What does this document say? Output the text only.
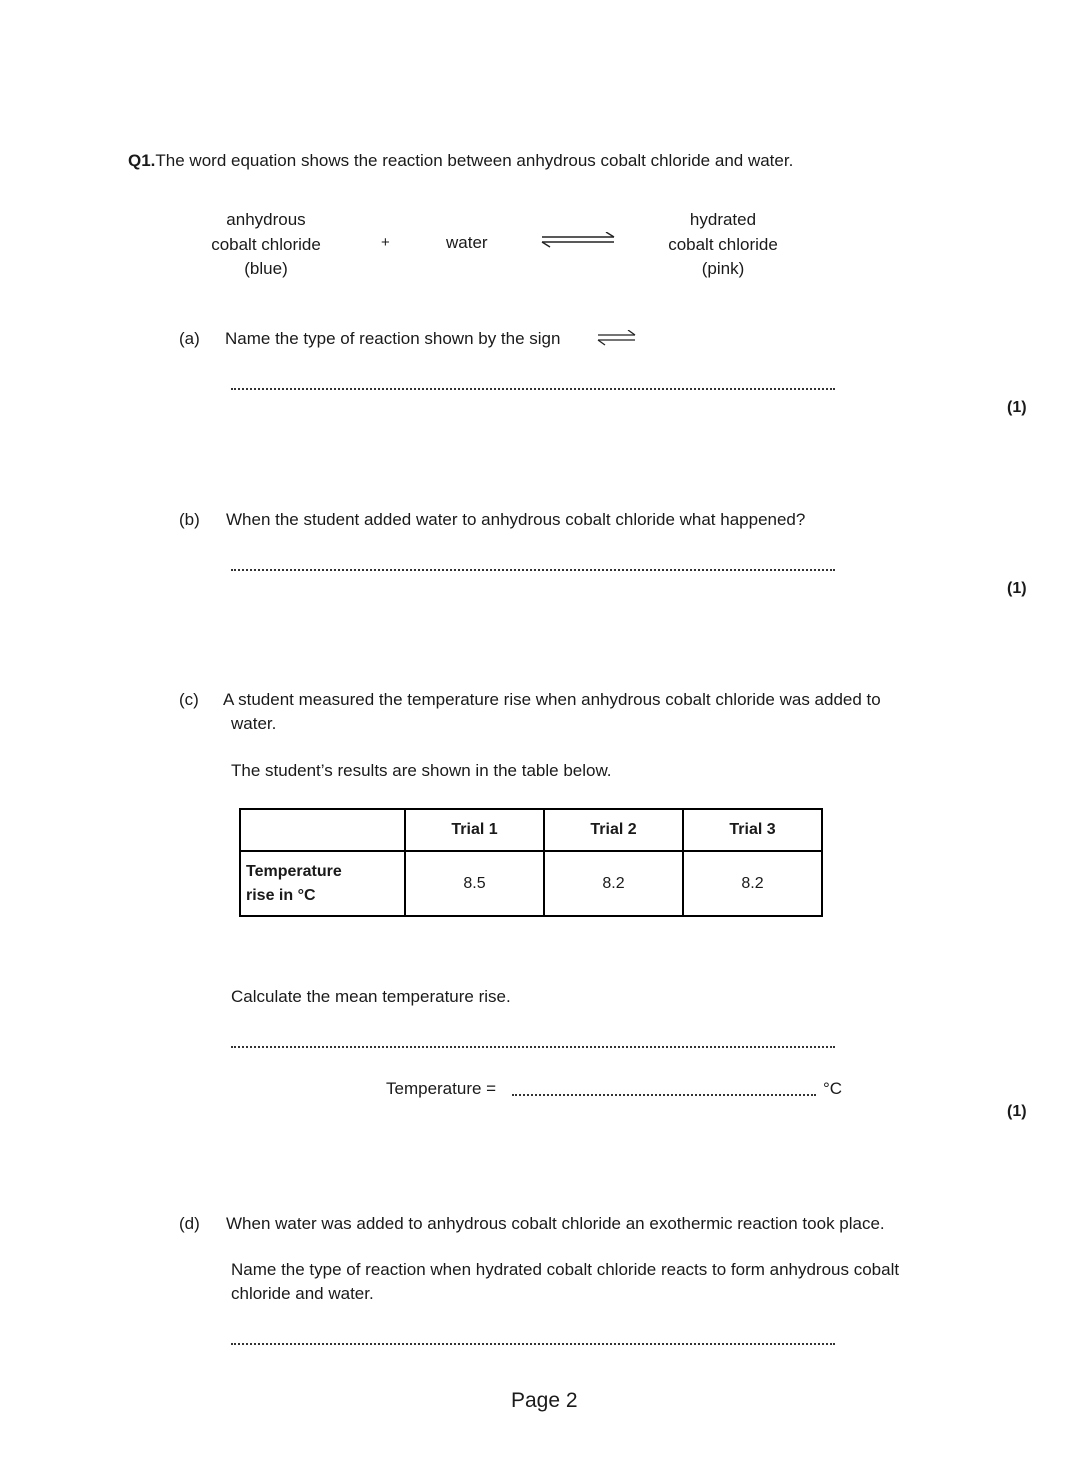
Q1.The word equation shows the reaction between anhydrous cobalt chloride and water.
anhydrous
cobalt chloride
(blue)
+	water
hydrated
cobalt chloride
(pink)
(a) Name the type of reaction shown by the sign
(1)
(b) When the student added water to anhydrous cobalt chloride what happened?
(1)
(c) A student measured the temperature rise when anhydrous cobalt chloride was added to
water.
The student’s results are shown in the table below.
	Trial 1	Trial 2	Trial 3

Temperature
rise in °C	8.5	8.2	8.2
Calculate the mean temperature rise.
Temperature =	°C
(1)
(d) When water was added to anhydrous cobalt chloride an exothermic reaction took place.
Name the type of reaction when hydrated cobalt chloride reacts to form anhydrous cobalt
chloride and water.
Page 2
